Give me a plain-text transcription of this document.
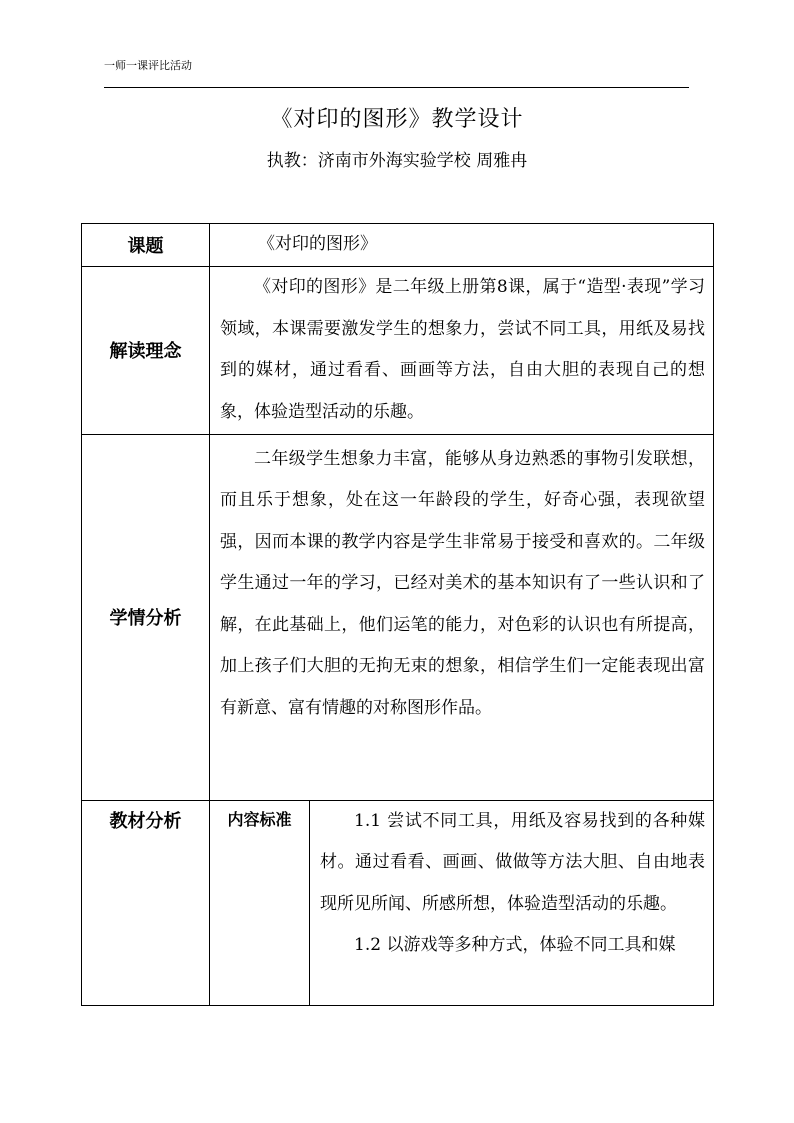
一师一课评比活动
《对印的图形》教学设计
执教：济南市外海实验学校 周雅冉
课题	《对印的图形》	
解读理念	《对印的图形》是二年级上册第8课，属于“造型·表现”学习领域，本课需要激发学生的想象力，尝试不同工具，用纸及易找到的媒材，通过看看、画画等方法，自由大胆的表现自己的想象，体验造型活动的乐趣。	
学情分析	二年级学生想象力丰富，能够从身边熟悉的事物引发联想，而且乐于想象，处在这一年龄段的学生，好奇心强，表现欲望强，因而本课的教学内容是学生非常易于接受和喜欢的。二年级学生通过一年的学习，已经对美术的基本知识有了一些认识和了解，在此基础上，他们运笔的能力，对色彩的认识也有所提高，加上孩子们大胆的无拘无束的想象，相信学生们一定能表现出富有新意、富有情趣的对称图形作品。	
教材分析	内容标准	1.1 尝试不同工具，用纸及容易找到的各种媒材。通过看看、画画、做做等方法大胆、自由地表现所见所闻、所感所想，体验造型活动的乐趣。

1.2 以游戏等多种方式，体验不同工具和媒
